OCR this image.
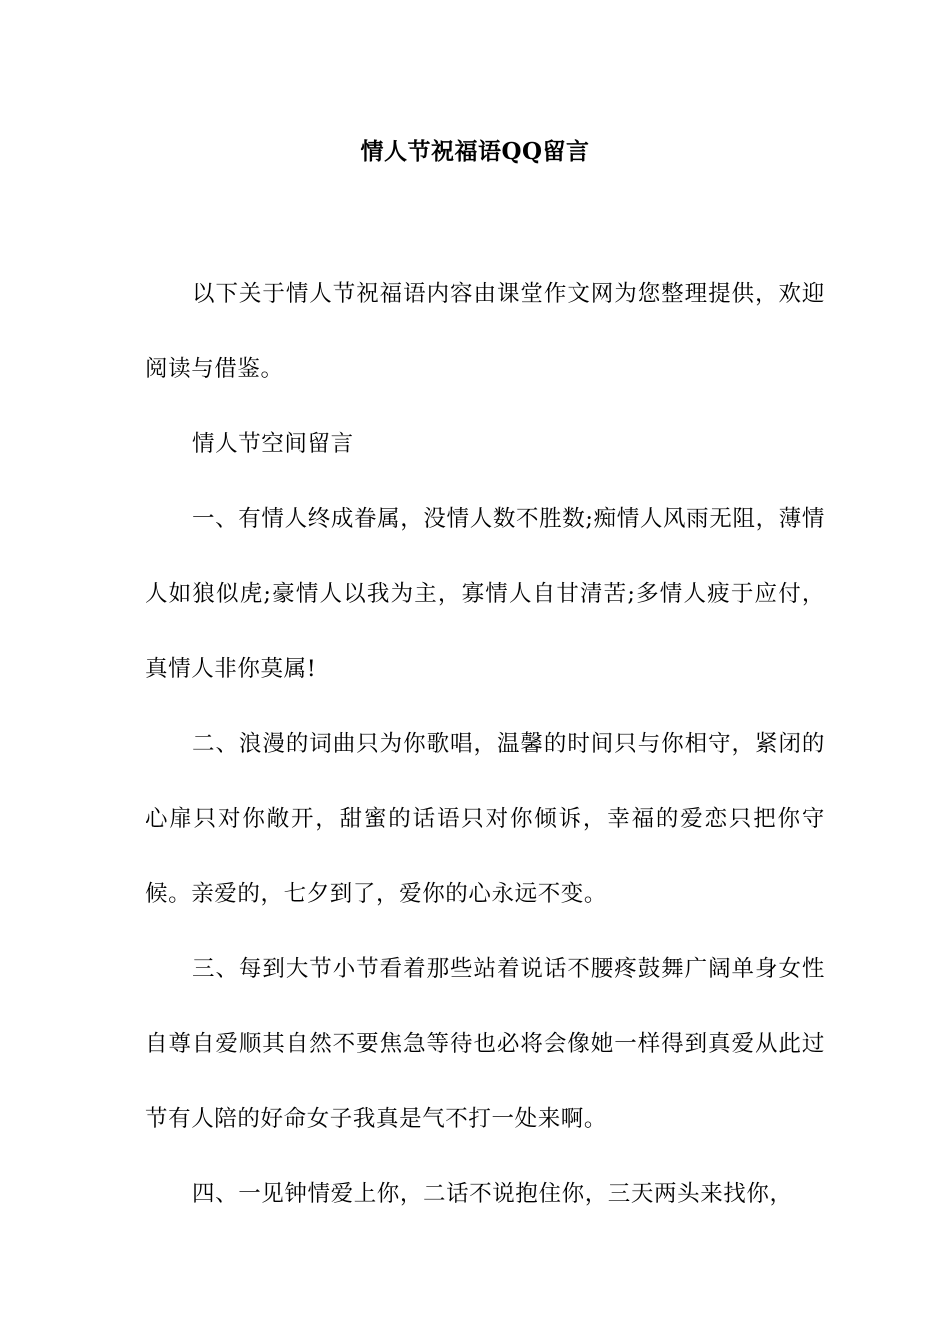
情人节祝福语QQ留言

以下关于情人节祝福语内容由课堂作文网为您整理提供，欢迎阅读与借鉴。

情人节空间留言

一、有情人终成眷属，没情人数不胜数;痴情人风雨无阻，薄情人如狼似虎;豪情人以我为主，寡情人自甘清苦;多情人疲于应付，真情人非你莫属!

二、浪漫的词曲只为你歌唱，温馨的时间只与你相守，紧闭的心扉只对你敞开，甜蜜的话语只对你倾诉，幸福的爱恋只把你守候。亲爱的，七夕到了，爱你的心永远不变。

三、每到大节小节看着那些站着说话不腰疼鼓舞广阔单身女性自尊自爱顺其自然不要焦急等待也必将会像她一样得到真爱从此过节有人陪的好命女子我真是气不打一处来啊。

四、一见钟情爱上你，二话不说抱住你，三天两头来找你，
